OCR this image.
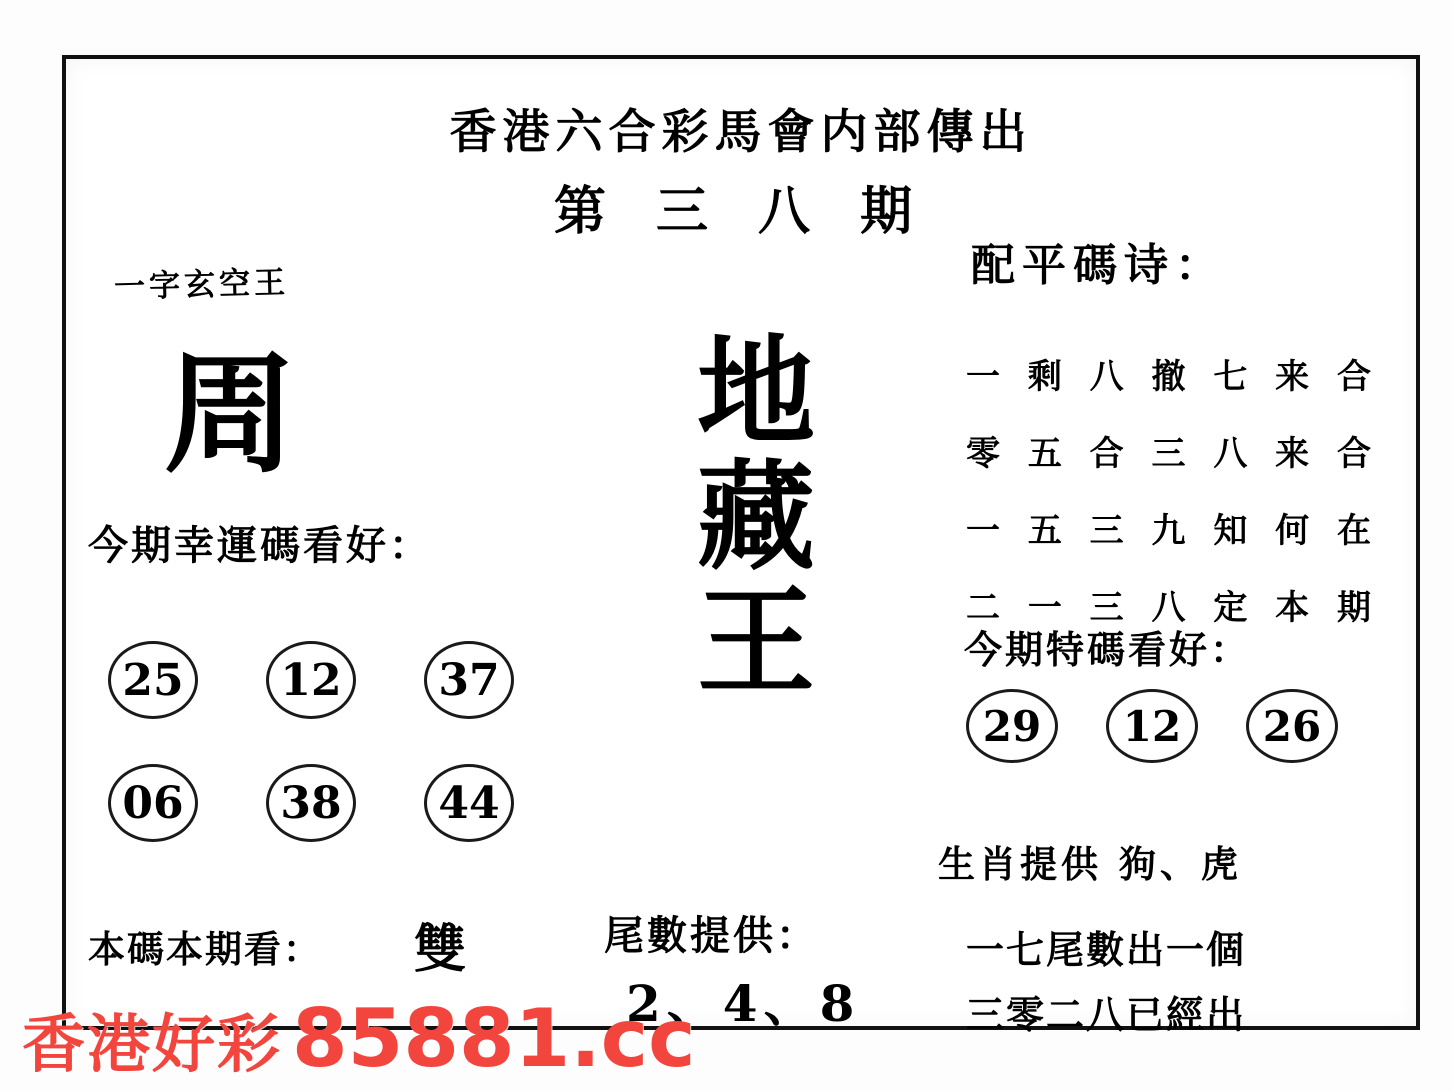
香港六合彩馬會内部傳出
第 三 八 期
一字玄空王
周
今期幸運碼看好：
25	12	37
06	38	44
本碼本期看： 雙
地
藏
王
尾數提供：
2、4、8
配平碼诗：
一 剩 八 撤 七 来 合
零 五 合 三 八 来 合
一 五 三 九 知 何 在
二 一 三 八 定 本 期
今期特碼看好：
29	12	26
生肖提供 狗、虎
一七尾數出一個
三零二八已經出
香港好彩 85881.cc
